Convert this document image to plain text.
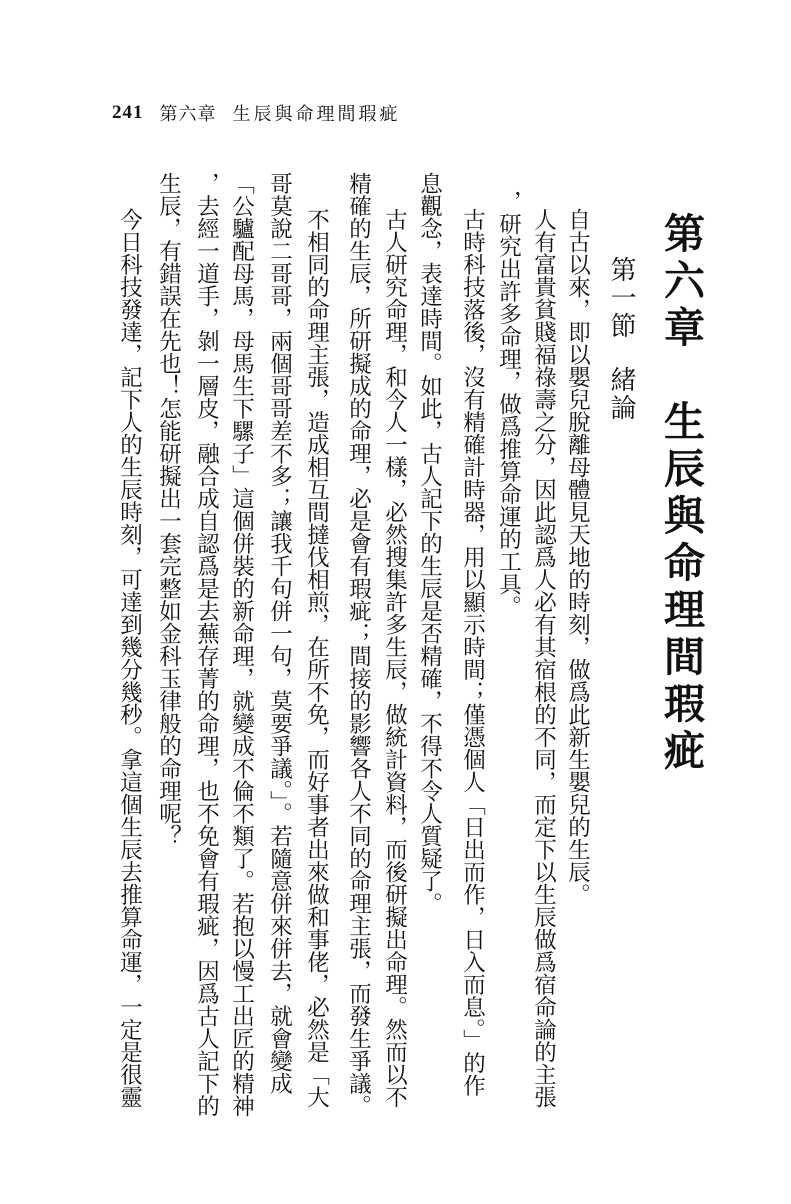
241 第六章 生辰與命理間瑕疵
第六章　生辰與命理間瑕疵
第一節緒論
自古以來，即以嬰兒脫離母體見天地的時刻，做爲此新生嬰兒的生辰。
人有富貴貧賤福祿壽之分，因此認爲人必有其宿根的不同，而定下以生辰做爲宿命論的主張
，研究出許多命理，做爲推算命運的工具。
古時科技落後，沒有精確計時器，用以顯示時間；僅憑個人「日出而作，日入而息。」的作
息觀念，表達時間。如此，古人記下的生辰是否精確，不得不令人質疑了。
古人研究命理，和今人一樣，必然搜集許多生辰，做統計資料，而後研擬出命理。然而以不
精確的生辰，所研擬成的命理，必是會有瑕疵；間接的影響各人不同的命理主張，而發生爭議。
不相同的命理主張，造成相互間撻伐相煎，在所不免，而好事者出來做和事佬，必然是「大
哥莫說二哥哥，兩個哥哥差不多；讓我千句併一句，莫要爭議。」。若隨意併來併去，就會變成
「公驢配母馬，母馬生下騾子」這個併裝的新命理，就變成不倫不類了。若抱以慢工出匠的精神
，去經一道手，剝一層皮，融合成自認爲是去蕪存菁的命理，也不免會有瑕疵，因爲古人記下的
生辰，有錯誤在先也！怎能研擬出一套完整如金科玉律般的命理呢？
今日科技發達，記下人的生辰時刻，可達到幾分幾秒。拿這個生辰去推算命運，一定是很靈
